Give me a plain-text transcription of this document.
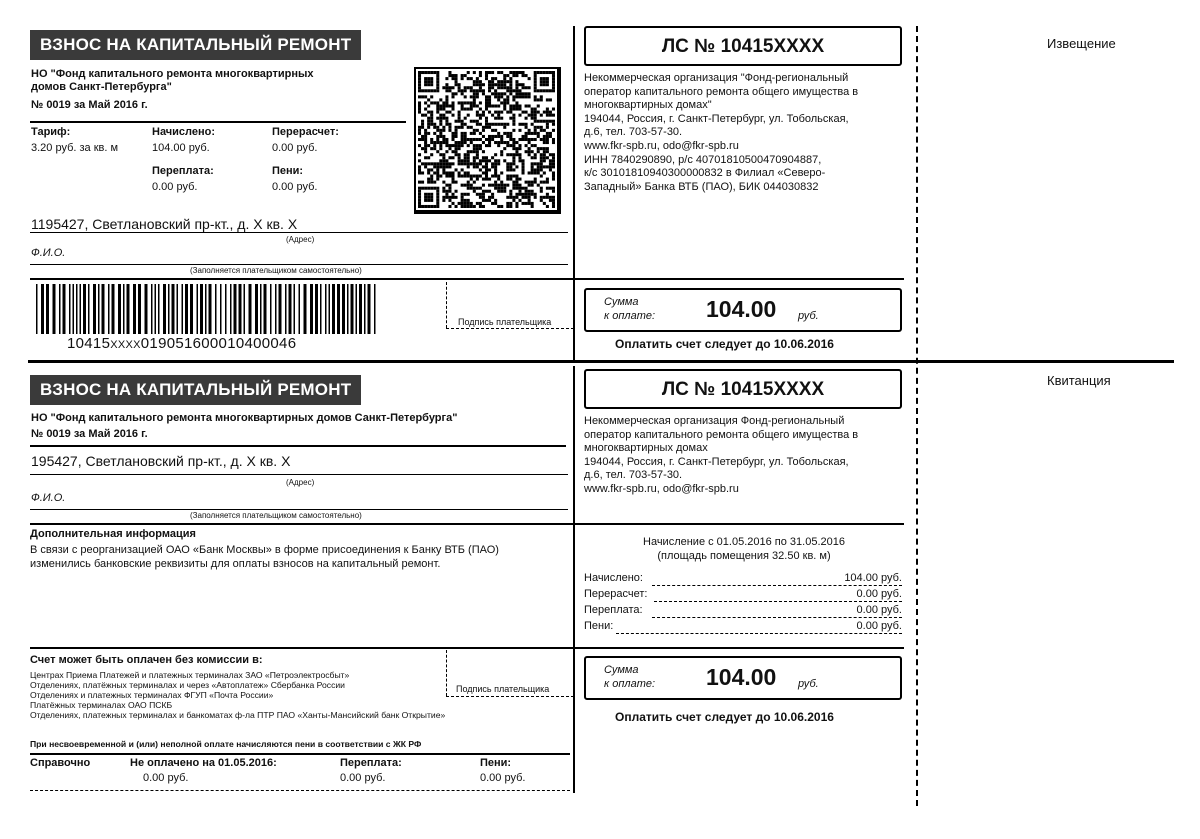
ВЗНОС НА КАПИТАЛЬНЫЙ РЕМОНТ
НО "Фонд капитального ремонта многоквартирных
домов Санкт-Петербурга"
№ 0019 за Май 2016 г.
Тариф:
3.20 руб. за кв. м
Начислено:
104.00 руб.
Перерасчет:
0.00 руб.
Переплата:
0.00 руб.
Пени:
0.00 руб.
1195427, Светлановский пр-кт., д. Х кв. Х
(Адрес)
Ф.И.О.
(Заполняется плательщиком самостоятельно)
10415XXXX019051600010400046
Подпись плательщика
ЛС № 10415XXXX
Некоммерческая организация "Фонд-региональный
оператор капитального ремонта общего имущества в
многоквартирных домах"
194044, Россия, г. Санкт-Петербург, ул. Тобольская,
д.6, тел. 703-57-30.
www.fkr-spb.ru, odo@fkr-spb.ru
ИНН 7840290890, р/с 40701810500470904887,
к/с 30101810940300000832 в Филиал «Северо-
Западный» Банка ВТБ (ПАО), БИК 044030832
Сумма
к оплате: 104.00 руб.
Оплатить счет следует до 10.06.2016
Извещение
ВЗНОС НА КАПИТАЛЬНЫЙ РЕМОНТ
НО "Фонд капитального ремонта многоквартирных домов Санкт-Петербурга"
№ 0019 за Май 2016 г.
195427, Светлановский пр-кт., д. Х кв. Х
(Адрес)
Ф.И.О.
(Заполняется плательщиком самостоятельно)
Дополнительная информация
В связи с реорганизацией ОАО «Банк Москвы» в форме присоединения к Банку ВТБ (ПАО)
изменились банковские реквизиты для оплаты взносов на капитальный ремонт.
ЛС № 10415XXXX
Некоммерческая организация Фонд-региональный
оператор капитального ремонта общего имущества в
многоквартирных домах
194044, Россия, г. Санкт-Петербург, ул. Тобольская,
д.6, тел. 703-57-30.
www.fkr-spb.ru, odo@fkr-spb.ru
Начисление с 01.05.2016 по 31.05.2016
(площадь помещения 32.50 кв. м)
Начислено:	104.00 руб.
Перерасчет:	0.00 руб.
Переплата:	0.00 руб.
Пени:	0.00 руб.
Счет может быть оплачен без комиссии в:
Центрах Приема Платежей и платежных терминалах ЗАО «Петроэлектросбыт»
Отделениях, платёжных терминалах и через «Автоплатеж» Сбербанка России
Отделениях и платежных терминалах ФГУП «Почта России»
Платёжных терминалах ОАО ПСКБ
Отделениях, платежных терминалах и банкоматах ф-ла ПТР ПАО «Ханты-Мансийский банк Открытие»
Подпись плательщика
При несвоевременной и (или) неполной оплате начисляются пени в соответствии с ЖК РФ
Справочно	Не оплачено на 01.05.2016:
0.00 руб.
Переплата:
0.00 руб.
Пени:
0.00 руб.
Сумма
к оплате: 104.00 руб.
Оплатить счет следует до 10.06.2016
Квитанция
